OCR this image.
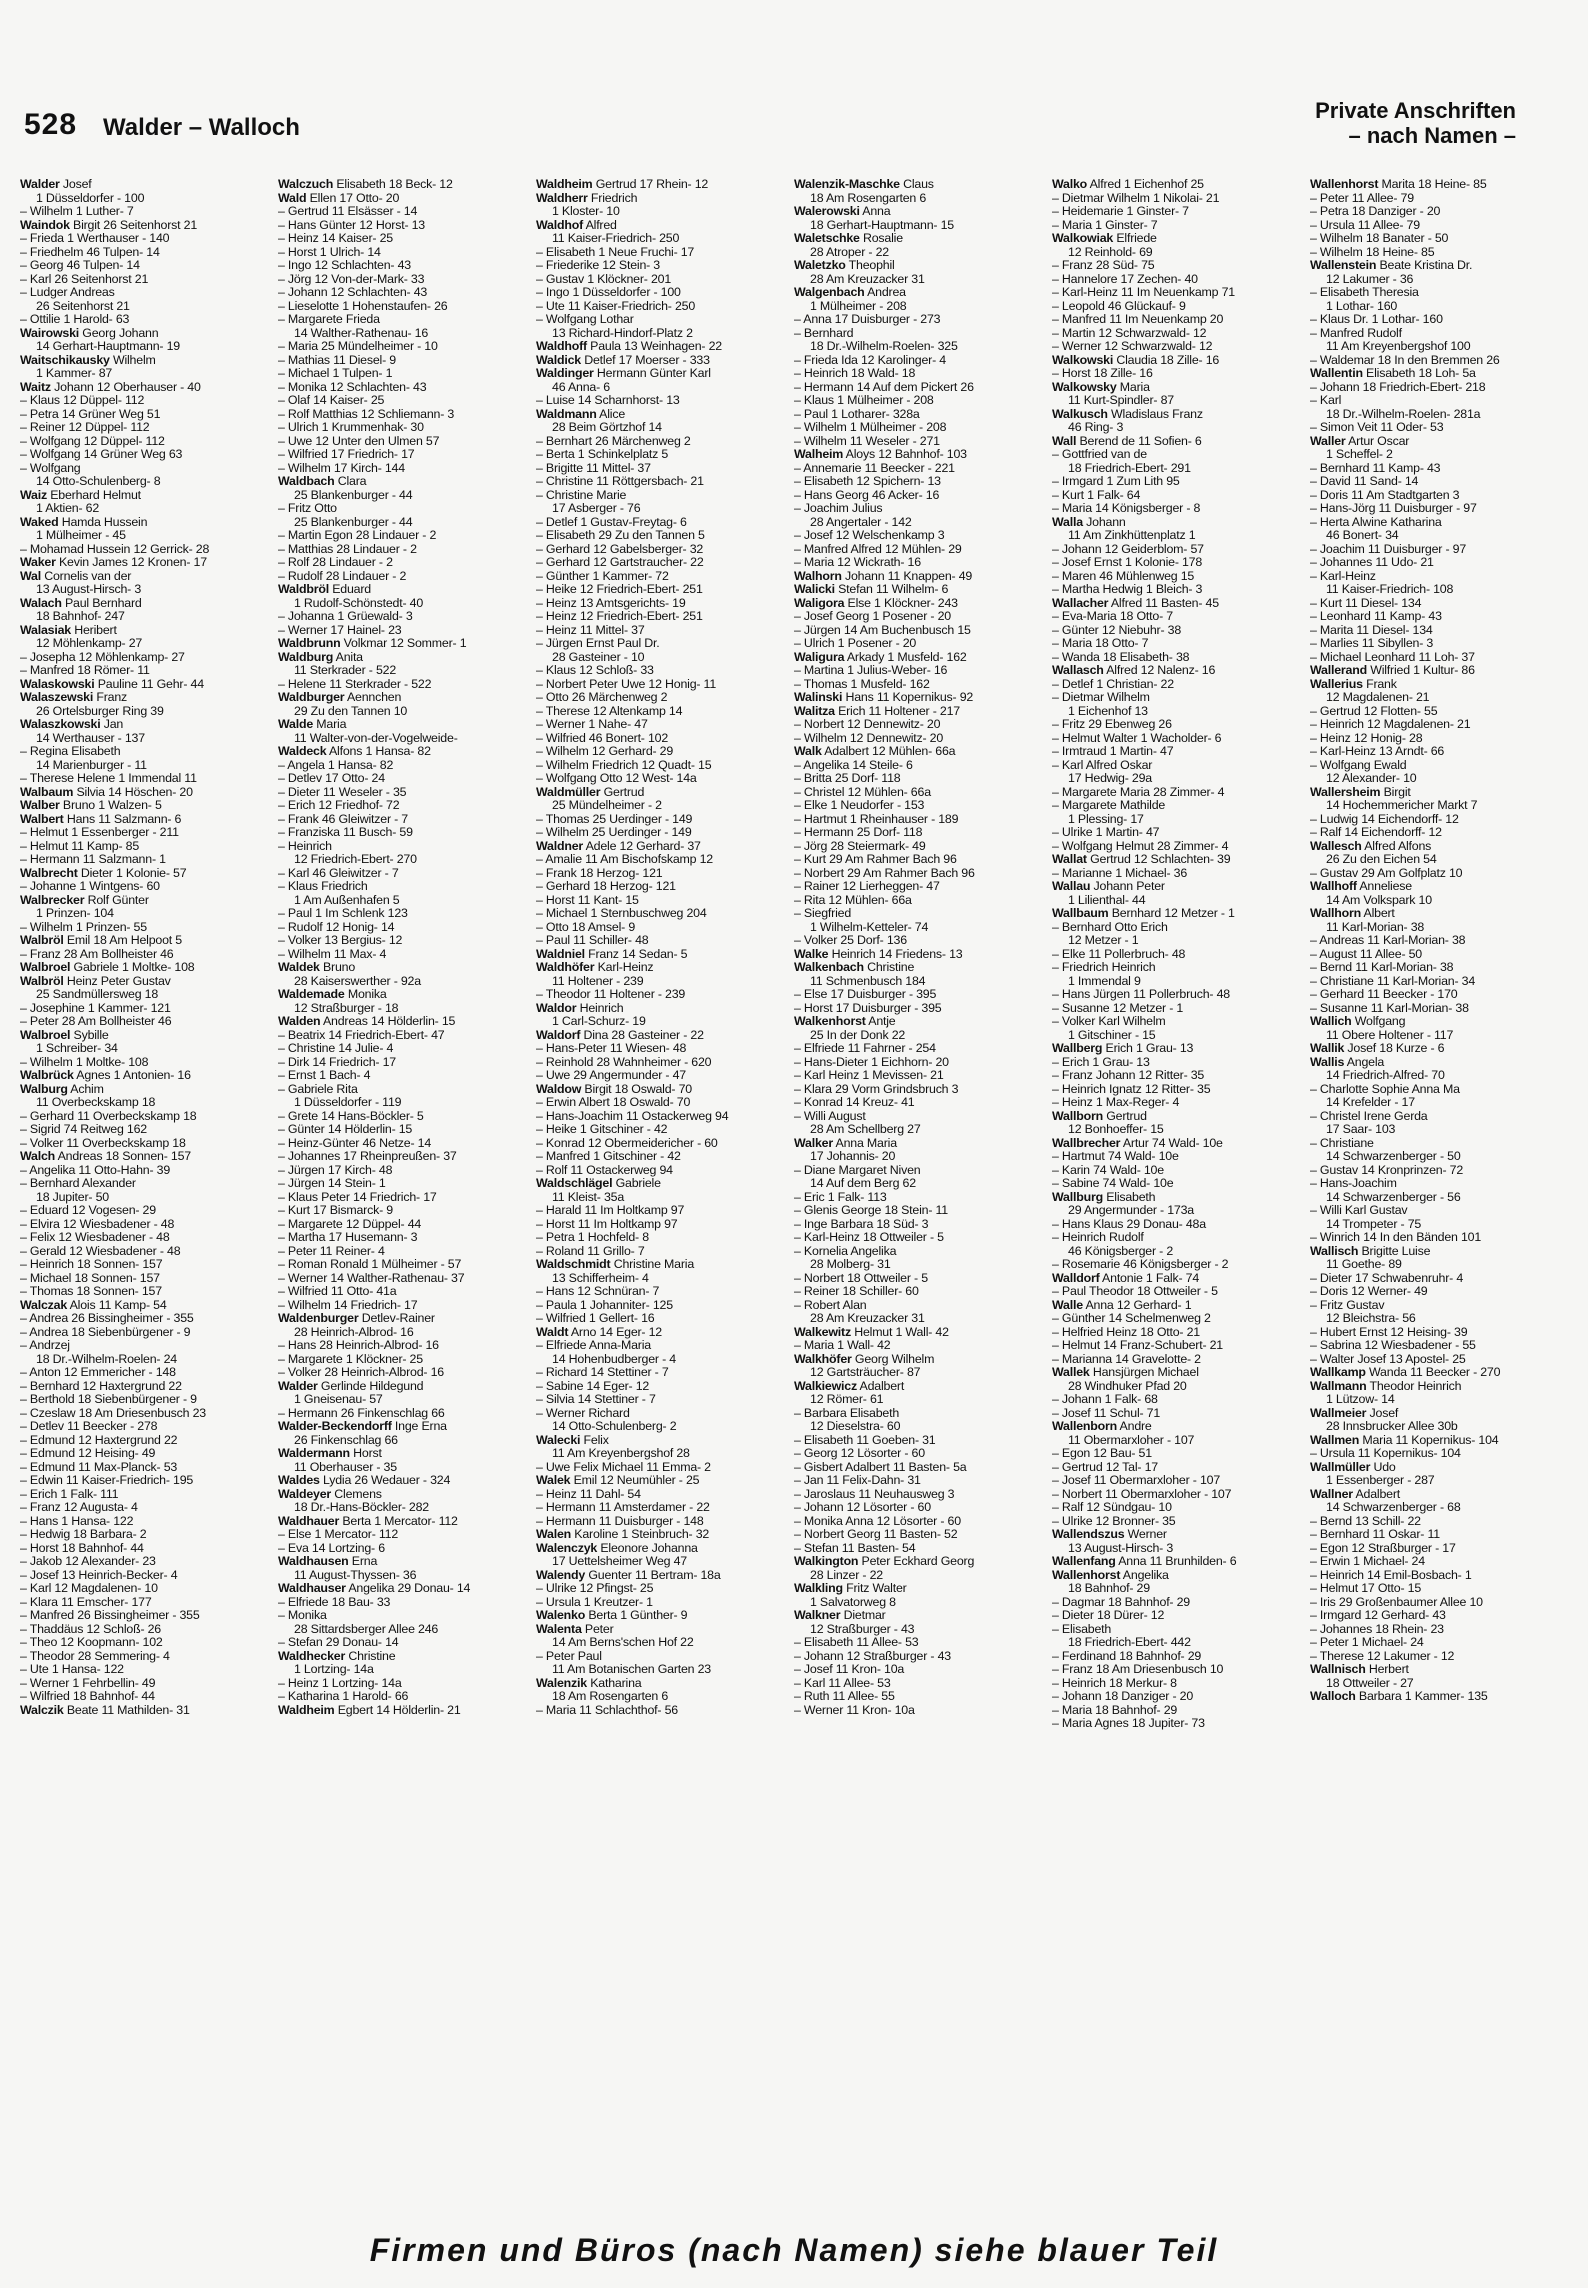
528 Walder – Walloch
Private Anschriften
– nach Namen –
Walder Josef
1 Düsseldorfer - 100
– Wilhelm 1 Luther- 7
Waindok Birgit 26 Seitenhorst 21
– Frieda 1 Werthauser - 140
– Friedhelm 46 Tulpen- 14
– Georg 46 Tulpen- 14
– Karl 26 Seitenhorst 21
– Ludger Andreas
26 Seitenhorst 21
– Ottilie 1 Harold- 63
Wairowski Georg Johann
14 Gerhart-Hauptmann- 19
Waitschikausky Wilhelm
1 Kammer- 87
Waitz Johann 12 Oberhauser - 40
– Klaus 12 Düppel- 112
– Petra 14 Grüner Weg 51
– Reiner 12 Düppel- 112
– Wolfgang 12 Düppel- 112
– Wolfgang 14 Grüner Weg 63
– Wolfgang
14 Otto-Schulenberg- 8
Waiz Eberhard Helmut
1 Aktien- 62
Waked Hamda Hussein
1 Mülheimer - 45
– Mohamad Hussein 12 Gerrick- 28
Waker Kevin James 12 Kronen- 17
Wal Cornelis van der
13 August-Hirsch- 3
Walach Paul Bernhard
18 Bahnhof- 247
Walasiak Heribert
12 Möhlenkamp- 27
– Josepha 12 Möhlenkamp- 27
– Manfred 18 Römer- 11
Walaskowski Pauline 11 Gehr- 44
Walaszewski Franz
26 Ortelsburger Ring 39
Walaszkowski Jan
14 Werthauser - 137
– Regina Elisabeth
14 Marienburger - 11
– Therese Helene 1 Immendal 11
Walbaum Silvia 14 Höschen- 20
Walber Bruno 1 Walzen- 5
Walbert Hans 11 Salzmann- 6
– Helmut 1 Essenberger - 211
– Helmut 11 Kamp- 85
– Hermann 11 Salzmann- 1
Walbrecht Dieter 1 Kolonie- 57
– Johanne 1 Wintgens- 60
Walbrecker Rolf Günter
1 Prinzen- 104
– Wilhelm 1 Prinzen- 55
Walbröl Emil 18 Am Helpoot 5
– Franz 28 Am Bollheister 46
Walbroel Gabriele 1 Moltke- 108
Walbröl Heinz Peter Gustav
25 Sandmüllersweg 18
– Josephine 1 Kammer- 121
– Peter 28 Am Bollheister 46
Walbroel Sybille
1 Schreiber- 34
– Wilhelm 1 Moltke- 108
Walbrück Agnes 1 Antonien- 16
Walburg Achim
11 Overbeckskamp 18
– Gerhard 11 Overbeckskamp 18
– Sigrid 74 Reitweg 162
– Volker 11 Overbeckskamp 18
Walch Andreas 18 Sonnen- 157
– Angelika 11 Otto-Hahn- 39
– Bernhard Alexander
18 Jupiter- 50
– Eduard 12 Vogesen- 29
– Elvira 12 Wiesbadener - 48
– Felix 12 Wiesbadener - 48
– Gerald 12 Wiesbadener - 48
– Heinrich 18 Sonnen- 157
– Michael 18 Sonnen- 157
– Thomas 18 Sonnen- 157
Walczak Alois 11 Kamp- 54
– Andrea 26 Bissingheimer - 355
– Andrea 18 Siebenbürgener - 9
– Andrzej
18 Dr.-Wilhelm-Roelen- 24
– Anton 12 Emmericher - 148
– Bernhard 12 Haxtergrund 22
– Berthold 18 Siebenbürgener - 9
– Czeslaw 18 Am Driesenbusch 23
– Detlev 11 Beecker - 278
– Edmund 12 Haxtergrund 22
– Edmund 12 Heising- 49
– Edmund 11 Max-Planck- 53
– Edwin 11 Kaiser-Friedrich- 195
– Erich 1 Falk- 111
– Franz 12 Augusta- 4
– Hans 1 Hansa- 122
– Hedwig 18 Barbara- 2
– Horst 18 Bahnhof- 44
– Jakob 12 Alexander- 23
– Josef 13 Heinrich-Becker- 4
– Karl 12 Magdalenen- 10
– Klara 11 Emscher- 177
– Manfred 26 Bissingheimer - 355
– Thaddäus 12 Schloß- 26
– Theo 12 Koopmann- 102
– Theodor 28 Semmering- 4
– Ute 1 Hansa- 122
– Werner 1 Fehrbellin- 49
– Wilfried 18 Bahnhof- 44
Walczik Beate 11 Mathilden- 31
Walczuch Elisabeth 18 Beck- 12
Wald Ellen 17 Otto- 20
– Gertrud 11 Elsässer - 14
– Hans Günter 12 Horst- 13
– Heinz 14 Kaiser- 25
– Horst 1 Ulrich- 14
– Ingo 12 Schlachten- 43
– Jörg 12 Von-der-Mark- 33
– Johann 12 Schlachten- 43
– Lieselotte 1 Hohenstaufen- 26
– Margarete Frieda
14 Walther-Rathenau- 16
– Maria 25 Mündelheimer - 10
– Mathias 11 Diesel- 9
– Michael 1 Tulpen- 1
– Monika 12 Schlachten- 43
– Olaf 14 Kaiser- 25
– Rolf Matthias 12 Schliemann- 3
– Ulrich 1 Krummenhak- 30
– Uwe 12 Unter den Ulmen 57
– Wilfried 17 Friedrich- 17
– Wilhelm 17 Kirch- 144
Waldbach Clara
25 Blankenburger - 44
– Fritz Otto
25 Blankenburger - 44
– Martin Egon 28 Lindauer - 2
– Matthias 28 Lindauer - 2
– Rolf 28 Lindauer - 2
– Rudolf 28 Lindauer - 2
Waldbröl Eduard
1 Rudolf-Schönstedt- 40
– Johanna 1 Grüewald- 3
– Werner 17 Hainel- 23
Waldbrunn Volkmar 12 Sommer- 1
Waldburg Anita
11 Sterkrader - 522
– Helene 11 Sterkrader - 522
Waldburger Aennchen
29 Zu den Tannen 10
Walde Maria
11 Walter-von-der-Vogelweide-
Waldeck Alfons 1 Hansa- 82
– Angela 1 Hansa- 82
– Detlev 17 Otto- 24
– Dieter 11 Weseler - 35
– Erich 12 Friedhof- 72
– Frank 46 Gleiwitzer - 7
– Franziska 11 Busch- 59
– Heinrich
12 Friedrich-Ebert- 270
– Karl 46 Gleiwitzer - 7
– Klaus Friedrich
1 Am Außenhafen 5
– Paul 1 Im Schlenk 123
– Rudolf 12 Honig- 14
– Volker 13 Bergius- 12
– Wilhelm 11 Max- 4
Waldek Bruno
28 Kaiserswerther - 92a
Waldemade Monika
12 Straßburger - 18
Walden Andreas 14 Hölderlin- 15
– Beatrix 14 Friedrich-Ebert- 47
– Christine 14 Julie- 4
– Dirk 14 Friedrich- 17
– Ernst 1 Bach- 4
– Gabriele Rita
1 Düsseldorfer - 119
– Grete 14 Hans-Böckler- 5
– Günter 14 Hölderlin- 15
– Heinz-Günter 46 Netze- 14
– Johannes 17 Rheinpreußen- 37
– Jürgen 17 Kirch- 48
– Jürgen 14 Stein- 1
– Klaus Peter 14 Friedrich- 17
– Kurt 17 Bismarck- 9
– Margarete 12 Düppel- 44
– Martha 17 Husemann- 3
– Peter 11 Reiner- 4
– Roman Ronald 1 Mülheimer - 57
– Werner 14 Walther-Rathenau- 37
– Wilfried 11 Otto- 41a
– Wilhelm 14 Friedrich- 17
Waldenburger Detlev-Rainer
28 Heinrich-Albrod- 16
– Hans 28 Heinrich-Albrod- 16
– Margarete 1 Klöckner- 25
– Volker 28 Heinrich-Albrod- 16
Walder Gerlinde Hildegund
1 Gneisenau- 57
– Hermann 26 Finkenschlag 66
Walder-Beckendorff Inge Erna
26 Finkenschlag 66
Waldermann Horst
11 Oberhauser - 35
Waldes Lydia 26 Wedauer - 324
Waldeyer Clemens
18 Dr.-Hans-Böckler- 282
Waldhauer Berta 1 Mercator- 112
– Else 1 Mercator- 112
– Eva 14 Lortzing- 6
Waldhausen Erna
11 August-Thyssen- 36
Waldhauser Angelika 29 Donau- 14
– Elfriede 18 Bau- 33
– Monika
28 Sittardsberger Allee 246
– Stefan 29 Donau- 14
Waldhecker Christine
1 Lortzing- 14a
– Heinz 1 Lortzing- 14a
– Katharina 1 Harold- 66
Waldheim Egbert 14 Hölderlin- 21
Waldheim Gertrud 17 Rhein- 12
Waldherr Friedrich
1 Kloster- 10
Waldhof Alfred
11 Kaiser-Friedrich- 250
– Elisabeth 1 Neue Fruchi- 17
– Friederike 12 Stein- 3
– Gustav 1 Klöckner- 201
– Ingo 1 Düsseldorfer - 100
– Ute 11 Kaiser-Friedrich- 250
– Wolfgang Lothar
13 Richard-Hindorf-Platz 2
Waldhoff Paula 13 Weinhagen- 22
Waldick Detlef 17 Moerser - 333
Waldinger Hermann Günter Karl
46 Anna- 6
– Luise 14 Scharnhorst- 13
Waldmann Alice
28 Beim Görtzhof 14
– Bernhart 26 Märchenweg 2
– Berta 1 Schinkelplatz 5
– Brigitte 11 Mittel- 37
– Christine 11 Röttgersbach- 21
– Christine Marie
17 Asberger - 76
– Detlef 1 Gustav-Freytag- 6
– Elisabeth 29 Zu den Tannen 5
– Gerhard 12 Gabelsberger- 32
– Gerhard 12 Gartstraucher- 22
– Günther 1 Kammer- 72
– Heike 12 Friedrich-Ebert- 251
– Heinz 13 Amtsgerichts- 19
– Heinz 12 Friedrich-Ebert- 251
– Heinz 11 Mittel- 37
– Jürgen Ernst Paul Dr.
28 Gasteiner - 10
– Klaus 12 Schloß- 33
– Norbert Peter Uwe 12 Honig- 11
– Otto 26 Märchenweg 2
– Therese 12 Altenkamp 14
– Werner 1 Nahe- 47
– Wilfried 46 Bonert- 102
– Wilhelm 12 Gerhard- 29
– Wilhelm Friedrich 12 Quadt- 15
– Wolfgang Otto 12 West- 14a
Waldmüller Gertrud
25 Mündelheimer - 2
– Thomas 25 Uerdinger - 149
– Wilhelm 25 Uerdinger - 149
Waldner Adele 12 Gerhard- 37
– Amalie 11 Am Bischofskamp 12
– Frank 18 Herzog- 121
– Gerhard 18 Herzog- 121
– Horst 11 Kant- 15
– Michael 1 Sternbuschweg 204
– Otto 18 Amsel- 9
– Paul 11 Schiller- 48
Waldniel Franz 14 Sedan- 5
Waldhöfer Karl-Heinz
11 Holtener - 239
– Theodor 11 Holtener - 239
Waldor Heinrich
1 Carl-Schurz- 19
Waldorf Dina 28 Gasteiner - 22
– Hans-Peter 11 Wiesen- 48
– Reinhold 28 Wahnheimer - 620
– Uwe 29 Angermunder - 47
Waldow Birgit 18 Oswald- 70
– Erwin Albert 18 Oswald- 70
– Hans-Joachim 11 Ostackerweg 94
– Heike 1 Gitschiner - 42
– Konrad 12 Obermeidericher - 60
– Manfred 1 Gitschiner - 42
– Rolf 11 Ostackerweg 94
Waldschlägel Gabriele
11 Kleist- 35a
– Harald 11 Im Holtkamp 97
– Horst 11 Im Holtkamp 97
– Petra 1 Hochfeld- 8
– Roland 11 Grillo- 7
Waldschmidt Christine Maria
13 Schifferheim- 4
– Hans 12 Schnüran- 7
– Paula 1 Johanniter- 125
– Wilfried 1 Gellert- 16
Waldt Arno 14 Eger- 12
– Elfriede Anna-Maria
14 Hohenbudberger - 4
– Richard 14 Stettiner - 7
– Sabine 14 Eger- 12
– Silvia 14 Stettiner - 7
– Werner Richard
14 Otto-Schulenberg- 2
Walecki Felix
11 Am Kreyenbergshof 28
– Uwe Felix Michael 11 Emma- 2
Walek Emil 12 Neumühler - 25
– Heinz 11 Dahl- 54
– Hermann 11 Amsterdamer - 22
– Hermann 11 Duisburger - 148
Walen Karoline 1 Steinbruch- 32
Walenczyk Eleonore Johanna
17 Uettelsheimer Weg 47
Walendy Guenter 11 Bertram- 18a
– Ulrike 12 Pfingst- 25
– Ursula 1 Kreutzer- 1
Walenko Berta 1 Günther- 9
Walenta Peter
14 Am Berns'schen Hof 22
– Peter Paul
11 Am Botanischen Garten 23
Walenzik Katharina
18 Am Rosengarten 6
– Maria 11 Schlachthof- 56
Walenzik-Maschke Claus
18 Am Rosengarten 6
Walerowski Anna
18 Gerhart-Hauptmann- 15
Waletschke Rosalie
28 Atroper - 22
Waletzko Theophil
28 Am Kreuzacker 31
Walgenbach Andrea
1 Mülheimer - 208
– Anna 17 Duisburger - 273
– Bernhard
18 Dr.-Wilhelm-Roelen- 325
– Frieda Ida 12 Karolinger- 4
– Heinrich 18 Wald- 18
– Hermann 14 Auf dem Pickert 26
– Klaus 1 Mülheimer - 208
– Paul 1 Lotharer- 328a
– Wilhelm 1 Mülheimer - 208
– Wilhelm 11 Weseler - 271
Walheim Aloys 12 Bahnhof- 103
– Annemarie 11 Beecker - 221
– Elisabeth 12 Spichern- 13
– Hans Georg 46 Acker- 16
– Joachim Julius
28 Angertaler - 142
– Josef 12 Welschenkamp 3
– Manfred Alfred 12 Mühlen- 29
– Maria 12 Wickrath- 16
Walhorn Johann 11 Knappen- 49
Walicki Stefan 11 Wilhelm- 6
Waligora Else 1 Klöckner- 243
– Josef Georg 1 Posener - 20
– Jürgen 14 Am Buchenbusch 15
– Ulrich 1 Posener - 20
Waligura Arkady 1 Musfeld- 162
– Martina 1 Julius-Weber- 16
– Thomas 1 Musfeld- 162
Walinski Hans 11 Kopernikus- 92
Walitza Erich 11 Holtener - 217
– Norbert 12 Dennewitz- 20
– Wilhelm 12 Dennewitz- 20
Walk Adalbert 12 Mühlen- 66a
– Angelika 14 Steile- 6
– Britta 25 Dorf- 118
– Christel 12 Mühlen- 66a
– Elke 1 Neudorfer - 153
– Hartmut 1 Rheinhauser - 189
– Hermann 25 Dorf- 118
– Jörg 28 Steiermark- 49
– Kurt 29 Am Rahmer Bach 96
– Norbert 29 Am Rahmer Bach 96
– Rainer 12 Lierheggen- 47
– Rita 12 Mühlen- 66a
– Siegfried
1 Wilhelm-Ketteler- 74
– Volker 25 Dorf- 136
Walke Heinrich 14 Friedens- 13
Walkenbach Christine
11 Schmenbusch 184
– Else 17 Duisburger - 395
– Horst 17 Duisburger - 395
Walkenhorst Antje
25 In der Donk 22
– Elfriede 11 Fahrner - 254
– Hans-Dieter 1 Eichhorn- 20
– Karl Heinz 1 Mevissen- 21
– Klara 29 Vorm Grindsbruch 3
– Konrad 14 Kreuz- 41
– Willi August
28 Am Schellberg 27
Walker Anna Maria
17 Johannis- 20
– Diane Margaret Niven
14 Auf dem Berg 62
– Eric 1 Falk- 113
– Glenis George 18 Stein- 11
– Inge Barbara 18 Süd- 3
– Karl-Heinz 18 Ottweiler - 5
– Kornelia Angelika
28 Molberg- 31
– Norbert 18 Ottweiler - 5
– Reiner 18 Schiller- 60
– Robert Alan
28 Am Kreuzacker 31
Walkewitz Helmut 1 Wall- 42
– Maria 1 Wall- 42
Walkhöfer Georg Wilhelm
12 Gartsträucher- 87
Walkiewicz Adalbert
12 Römer- 61
– Barbara Elisabeth
12 Dieselstra- 60
– Elisabeth 11 Goeben- 31
– Georg 12 Lösorter - 60
– Gisbert Adalbert 11 Basten- 5a
– Jan 11 Felix-Dahn- 31
– Jaroslaus 11 Neuhausweg 3
– Johann 12 Lösorter - 60
– Monika Anna 12 Lösorter - 60
– Norbert Georg 11 Basten- 52
– Stefan 11 Basten- 54
Walkington Peter Eckhard Georg
28 Linzer - 22
Walkling Fritz Walter
1 Salvatorweg 8
Walkner Dietmar
12 Straßburger - 43
– Elisabeth 11 Allee- 53
– Johann 12 Straßburger - 43
– Josef 11 Kron- 10a
– Karl 11 Allee- 53
– Ruth 11 Allee- 55
– Werner 11 Kron- 10a
Walko Alfred 1 Eichenhof 25
– Dietmar Wilhelm 1 Nikolai- 21
– Heidemarie 1 Ginster- 7
– Maria 1 Ginster- 7
Walkowiak Elfriede
12 Reinhold- 69
– Franz 28 Süd- 75
– Hannelore 17 Zechen- 40
– Karl-Heinz 11 Im Neuenkamp 71
– Leopold 46 Glückauf- 9
– Manfred 11 Im Neuenkamp 20
– Martin 12 Schwarzwald- 12
– Werner 12 Schwarzwald- 12
Walkowski Claudia 18 Zille- 16
– Horst 18 Zille- 16
Walkowsky Maria
11 Kurt-Spindler- 87
Walkusch Wladislaus Franz
46 Ring- 3
Wall Berend de 11 Sofien- 6
– Gottfried van de
18 Friedrich-Ebert- 291
– Irmgard 1 Zum Lith 95
– Kurt 1 Falk- 64
– Maria 14 Königsberger - 8
Walla Johann
11 Am Zinkhüttenplatz 1
– Johann 12 Geiderblom- 57
– Josef Ernst 1 Kolonie- 178
– Maren 46 Mühlenweg 15
– Martha Hedwig 1 Bleich- 3
Wallacher Alfred 11 Basten- 45
– Eva-Maria 18 Otto- 7
– Günter 12 Niebuhr- 38
– Maria 18 Otto- 7
– Wanda 18 Elisabeth- 38
Wallasch Alfred 12 Nalenz- 16
– Detlef 1 Christian- 22
– Dietmar Wilhelm
1 Eichenhof 13
– Fritz 29 Ebenweg 26
– Helmut Walter 1 Wacholder- 6
– Irmtraud 1 Martin- 47
– Karl Alfred Oskar
17 Hedwig- 29a
– Margarete Maria 28 Zimmer- 4
– Margarete Mathilde
1 Plessing- 17
– Ulrike 1 Martin- 47
– Wolfgang Helmut 28 Zimmer- 4
Wallat Gertrud 12 Schlachten- 39
– Marianne 1 Michael- 36
Wallau Johann Peter
1 Lilienthal- 44
Wallbaum Bernhard 12 Metzer - 1
– Bernhard Otto Erich
12 Metzer - 1
– Elke 11 Pollerbruch- 48
– Friedrich Heinrich
1 Immendal 9
– Hans Jürgen 11 Pollerbruch- 48
– Susanne 12 Metzer - 1
– Volker Karl Wilhelm
1 Gitschiner - 15
Wallberg Erich 1 Grau- 13
– Erich 1 Grau- 13
– Franz Johann 12 Ritter- 35
– Heinrich Ignatz 12 Ritter- 35
– Heinz 1 Max-Reger- 4
Wallborn Gertrud
12 Bonhoeffer- 15
Wallbrecher Artur 74 Wald- 10e
– Hartmut 74 Wald- 10e
– Karin 74 Wald- 10e
– Sabine 74 Wald- 10e
Wallburg Elisabeth
29 Angermunder - 173a
– Hans Klaus 29 Donau- 48a
– Heinrich Rudolf
46 Königsberger - 2
– Rosemarie 46 Königsberger - 2
Walldorf Antonie 1 Falk- 74
– Paul Theodor 18 Ottweiler - 5
Walle Anna 12 Gerhard- 1
– Günther 14 Schelmenweg 2
– Helfried Heinz 18 Otto- 21
– Helmut 14 Franz-Schubert- 21
– Marianna 14 Gravelotte- 2
Wallek Hansjürgen Michael
28 Windhuker Pfad 20
– Johann 1 Falk- 68
– Josef 11 Schul- 71
Wallenborn Andre
11 Obermarxloher - 107
– Egon 12 Bau- 51
– Gertrud 12 Tal- 17
– Josef 11 Obermarxloher - 107
– Norbert 11 Obermarxloher - 107
– Ralf 12 Sündgau- 10
– Ulrike 12 Bronner- 35
Wallendszus Werner
13 August-Hirsch- 3
Wallenfang Anna 11 Brunhilden- 6
Wallenhorst Angelika
18 Bahnhof- 29
– Dagmar 18 Bahnhof- 29
– Dieter 18 Dürer- 12
– Elisabeth
18 Friedrich-Ebert- 442
– Ferdinand 18 Bahnhof- 29
– Franz 18 Am Driesenbusch 10
– Heinrich 18 Merkur- 8
– Johann 18 Danziger - 20
– Maria 18 Bahnhof- 29
– Maria Agnes 18 Jupiter- 73
Wallenhorst Marita 18 Heine- 85
– Peter 11 Allee- 79
– Petra 18 Danziger - 20
– Ursula 11 Allee- 79
– Wilhelm 18 Banater - 50
– Wilhelm 18 Heine- 85
Wallenstein Beate Kristina Dr.
12 Lakumer - 36
– Elisabeth Theresia
1 Lothar- 160
– Klaus Dr. 1 Lothar- 160
– Manfred Rudolf
11 Am Kreyenbergshof 100
– Waldemar 18 In den Bremmen 26
Wallentin Elisabeth 18 Loh- 5a
– Johann 18 Friedrich-Ebert- 218
– Karl
18 Dr.-Wilhelm-Roelen- 281a
– Simon Veit 11 Oder- 53
Waller Artur Oscar
1 Scheffel- 2
– Bernhard 11 Kamp- 43
– David 11 Sand- 14
– Doris 11 Am Stadtgarten 3
– Hans-Jörg 11 Duisburger - 97
– Herta Alwine Katharina
46 Bonert- 34
– Joachim 11 Duisburger - 97
– Johannes 11 Udo- 21
– Karl-Heinz
11 Kaiser-Friedrich- 108
– Kurt 11 Diesel- 134
– Leonhard 11 Kamp- 43
– Marita 11 Diesel- 134
– Marlies 11 Sibyllen- 3
– Michael Leonhard 11 Loh- 37
Wallerand Wilfried 1 Kultur- 86
Wallerius Frank
12 Magdalenen- 21
– Gertrud 12 Flotten- 55
– Heinrich 12 Magdalenen- 21
– Heinz 12 Honig- 28
– Karl-Heinz 13 Arndt- 66
– Wolfgang Ewald
12 Alexander- 10
Wallersheim Birgit
14 Hochemmericher Markt 7
– Ludwig 14 Eichendorff- 12
– Ralf 14 Eichendorff- 12
Wallesch Alfred Alfons
26 Zu den Eichen 54
– Gustav 29 Am Golfplatz 10
Wallhoff Anneliese
14 Am Volkspark 10
Wallhorn Albert
11 Karl-Morian- 38
– Andreas 11 Karl-Morian- 38
– August 11 Allee- 50
– Bernd 11 Karl-Morian- 38
– Christiane 11 Karl-Morian- 34
– Gerhard 11 Beecker - 170
– Susanne 11 Karl-Morian- 38
Wallich Wolfgang
11 Obere Holtener - 117
Wallik Josef 18 Kurze - 6
Wallis Angela
14 Friedrich-Alfred- 70
– Charlotte Sophie Anna Ma
14 Krefelder - 17
– Christel Irene Gerda
17 Saar- 103
– Christiane
14 Schwarzenberger - 50
– Gustav 14 Kronprinzen- 72
– Hans-Joachim
14 Schwarzenberger - 56
– Willi Karl Gustav
14 Trompeter - 75
– Winrich 14 In den Bänden 101
Wallisch Brigitte Luise
11 Goethe- 89
– Dieter 17 Schwabenruhr- 4
– Doris 12 Werner- 49
– Fritz Gustav
12 Bleichstra- 56
– Hubert Ernst 12 Heising- 39
– Sabrina 12 Wiesbadener - 55
– Walter Josef 13 Apostel- 25
Wallkamp Wanda 11 Beecker - 270
Wallmann Theodor Heinrich
1 Lützow- 14
Wallmeier Josef
28 Innsbrucker Allee 30b
Wallmen Maria 11 Kopernikus- 104
– Ursula 11 Kopernikus- 104
Wallmüller Udo
1 Essenberger - 287
Wallner Adalbert
14 Schwarzenberger - 68
– Bernd 13 Schill- 22
– Bernhard 11 Oskar- 11
– Egon 12 Straßburger - 17
– Erwin 1 Michael- 24
– Heinrich 14 Emil-Bosbach- 1
– Helmut 17 Otto- 15
– Iris 29 Großenbaumer Allee 10
– Irmgard 12 Gerhard- 43
– Johannes 18 Rhein- 23
– Peter 1 Michael- 24
– Therese 12 Lakumer - 12
Wallnisch Herbert
18 Ottweiler - 27
Walloch Barbara 1 Kammer- 135
Firmen und Büros (nach Namen) siehe blauer Teil
